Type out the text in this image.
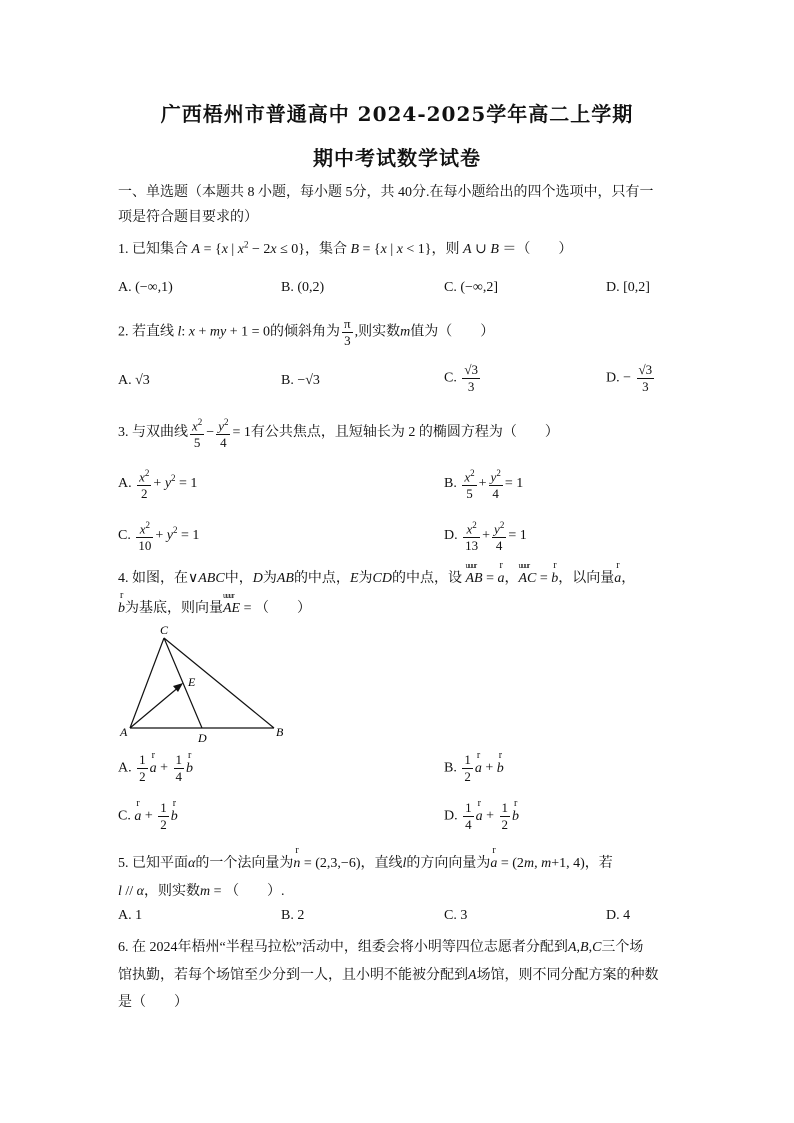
广西梧州市普通高中 2024-2025学年高二上学期
期中考试数学试卷
一、单选题（本题共 8 小题，每小题 5分，共 40分.在每小题给出的四个选项中，只有一
项是符合题目要求的）
1. 已知集合 A = {x | $x^2 - 2x \le 0$}，集合 B = {x | x < 1}，则 A ∪ B ＝（　　）
A. (−∞,1)	B. (0,2)	C. (−∞,2]	D. [0,2]
2. 若直线 l: x + my + 1 = 0的倾斜角为 $\frac{\pi}{3}$ ,则实数m值为（　　）
A. √3	B. −√3	C. $\frac{√3}{3}$	D. − $\frac{√3}{3}$
3. 与双曲线 $\frac{x^2}{5} - \frac{y^2}{4} = 1$有公共焦点，且短轴长为 2 的椭圆方程为（　　）
A. $\frac{x^2}{2} + y^2 = 1$	B. $\frac{x^2}{5} + \frac{y^2}{4} = 1$
C. $\frac{x^2}{10} + y^2 = 1$	D. $\frac{x^2}{13} + \frac{y^2}{4} = 1$
4. 如图，在∨ABC中，D为AB的中点，E为CD的中点，设 uuur AB = r a，uuur AC = r b，以向量r a，
r b为基底，则向量uuur AE = （　　）
A	B
C
D
E
A. $\frac{1}{2}$ r $a + \frac{1}{4}$ r b	B. $\frac{1}{2}$ r a + r b
C. r $a + \frac{1}{2}$ r b	D. $\frac{1}{4}$ r $a + \frac{1}{2}$ r b
5. 已知平面α的一个法向量为r n = (2,3,−6)，直线l的方向向量为r a = (2m, m+1, 4)，若
l // α，则实数m = （　　）.
A. 1	B. 2	C. 3	D. 4
6. 在 2024年梧州“半程马拉松”活动中，组委会将小明等四位志愿者分配到A,B,C三个场
馆执勤，若每个场馆至少分到一人，且小明不能被分配到A场馆，则不同分配方案的种数
是（　　）
